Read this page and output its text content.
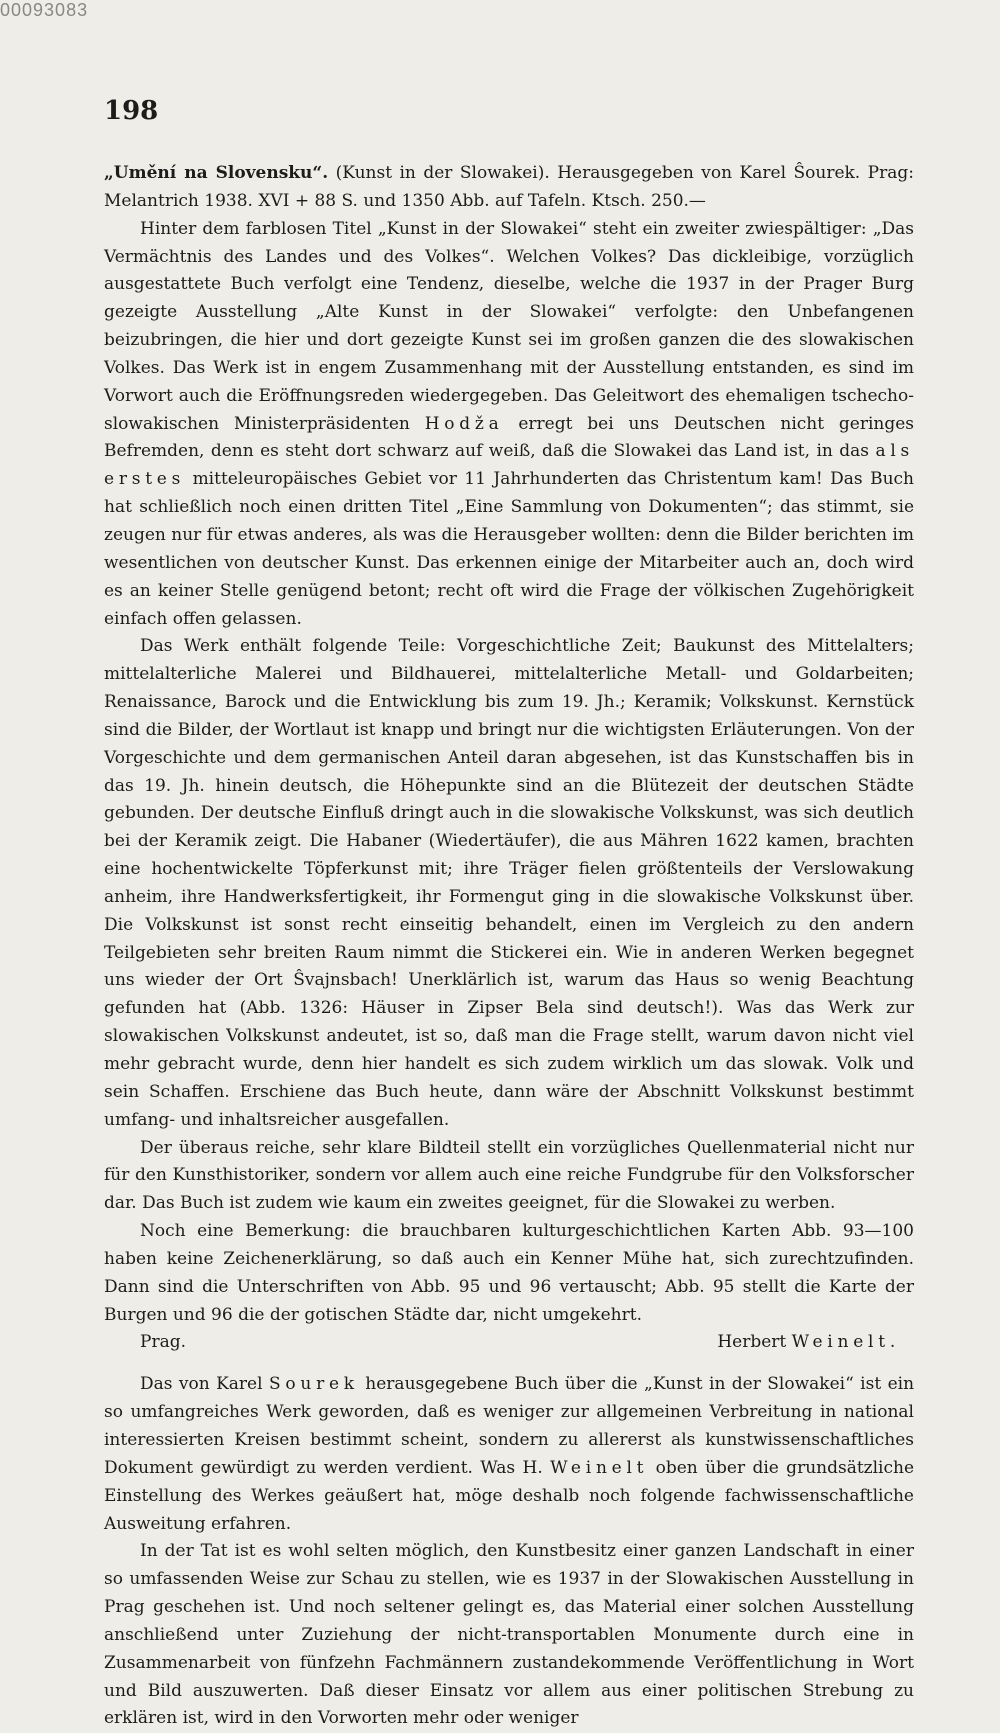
00093083
198

„Umění na Slovensku“. (Kunst in der Slowakei). Herausgegeben von Karel Ŝourek. Prag: Melantrich 1938. XVI + 88 S. und 1350 Abb. auf Tafeln. Ktsch. 250.—

Hinter dem farblosen Titel „Kunst in der Slowakei“ steht ein zweiter zwiespältiger: „Das Vermächtnis des Landes und des Volkes“. Welchen Volkes? Das dickleibige, vorzüglich ausgestattete Buch verfolgt eine Tendenz, dieselbe, welche die 1937 in der Prager Burg gezeigte Ausstellung „Alte Kunst in der Slowakei“ verfolgte: den Unbefangenen beizubringen, die hier und dort gezeigte Kunst sei im großen ganzen die des slowakischen Volkes. Das Werk ist in engem Zusammenhang mit der Ausstellung entstanden, es sind im Vorwort auch die Eröffnungsreden wiedergegeben. Das Geleitwort des ehemaligen tschecho-slowakischen Ministerpräsidenten Hodža erregt bei uns Deutschen nicht geringes Befremden, denn es steht dort schwarz auf weiß, daß die Slowakei das Land ist, in das als erstes mitteleuropäisches Gebiet vor 11 Jahrhunderten das Christentum kam! Das Buch hat schließlich noch einen dritten Titel „Eine Sammlung von Dokumenten“; das stimmt, sie zeugen nur für etwas anderes, als was die Herausgeber wollten: denn die Bilder berichten im wesentlichen von deutscher Kunst. Das erkennen einige der Mitarbeiter auch an, doch wird es an keiner Stelle genügend betont; recht oft wird die Frage der völkischen Zugehörigkeit einfach offen gelassen.

Das Werk enthält folgende Teile: Vorgeschichtliche Zeit; Baukunst des Mittelalters; mittelalterliche Malerei und Bildhauerei, mittelalterliche Metall- und Goldarbeiten; Renaissance, Barock und die Entwicklung bis zum 19. Jh.; Keramik; Volkskunst. Kernstück sind die Bilder, der Wortlaut ist knapp und bringt nur die wichtigsten Erläuterungen. Von der Vorgeschichte und dem germanischen Anteil daran abgesehen, ist das Kunstschaffen bis in das 19. Jh. hinein deutsch, die Höhepunkte sind an die Blütezeit der deutschen Städte gebunden. Der deutsche Einfluß dringt auch in die slowakische Volkskunst, was sich deutlich bei der Keramik zeigt. Die Habaner (Wiedertäufer), die aus Mähren 1622 kamen, brachten eine hochentwickelte Töpferkunst mit; ihre Träger fielen größtenteils der Verslowakung anheim, ihre Handwerksfertigkeit, ihr Formengut ging in die slowakische Volkskunst über. Die Volkskunst ist sonst recht einseitig behandelt, einen im Vergleich zu den andern Teilgebieten sehr breiten Raum nimmt die Stickerei ein. Wie in anderen Werken begegnet uns wieder der Ort Ŝvajnsbach! Unerklärlich ist, warum das Haus so wenig Beachtung gefunden hat (Abb. 1326: Häuser in Zipser Bela sind deutsch!). Was das Werk zur slowakischen Volkskunst andeutet, ist so, daß man die Frage stellt, warum davon nicht viel mehr gebracht wurde, denn hier handelt es sich zudem wirklich um das slowak. Volk und sein Schaffen. Erschiene das Buch heute, dann wäre der Abschnitt Volkskunst bestimmt umfang- und inhaltsreicher ausgefallen.

Der überaus reiche, sehr klare Bildteil stellt ein vorzügliches Quellenmaterial nicht nur für den Kunsthistoriker, sondern vor allem auch eine reiche Fundgrube für den Volksforscher dar. Das Buch ist zudem wie kaum ein zweites geeignet, für die Slowakei zu werben.

Noch eine Bemerkung: die brauchbaren kulturgeschichtlichen Karten Abb. 93—100 haben keine Zeichenerklärung, so daß auch ein Kenner Mühe hat, sich zurechtzufinden. Dann sind die Unterschriften von Abb. 95 und 96 vertauscht; Abb. 95 stellt die Karte der Burgen und 96 die der gotischen Städte dar, nicht umgekehrt.

Prag.	Herbert Weinelt.

Das von Karel Sourek herausgegebene Buch über die „Kunst in der Slowakei“ ist ein so umfangreiches Werk geworden, daß es weniger zur allgemeinen Verbreitung in national interessierten Kreisen bestimmt scheint, sondern zu allererst als kunstwissenschaftliches Dokument gewürdigt zu werden verdient. Was H. Weinelt oben über die grundsätzliche Einstellung des Werkes geäußert hat, möge deshalb noch folgende fachwissenschaftliche Ausweitung erfahren.

In der Tat ist es wohl selten möglich, den Kunstbesitz einer ganzen Landschaft in einer so umfassenden Weise zur Schau zu stellen, wie es 1937 in der Slowakischen Ausstellung in Prag geschehen ist. Und noch seltener gelingt es, das Material einer solchen Ausstellung anschließend unter Zuziehung der nicht-transportablen Monumente durch eine in Zusammenarbeit von fünfzehn Fachmännern zustandekommende Veröffentlichung in Wort und Bild auszuwerten. Daß dieser Einsatz vor allem aus einer politischen Strebung zu erklären ist, wird in den Vorworten mehr oder weniger
